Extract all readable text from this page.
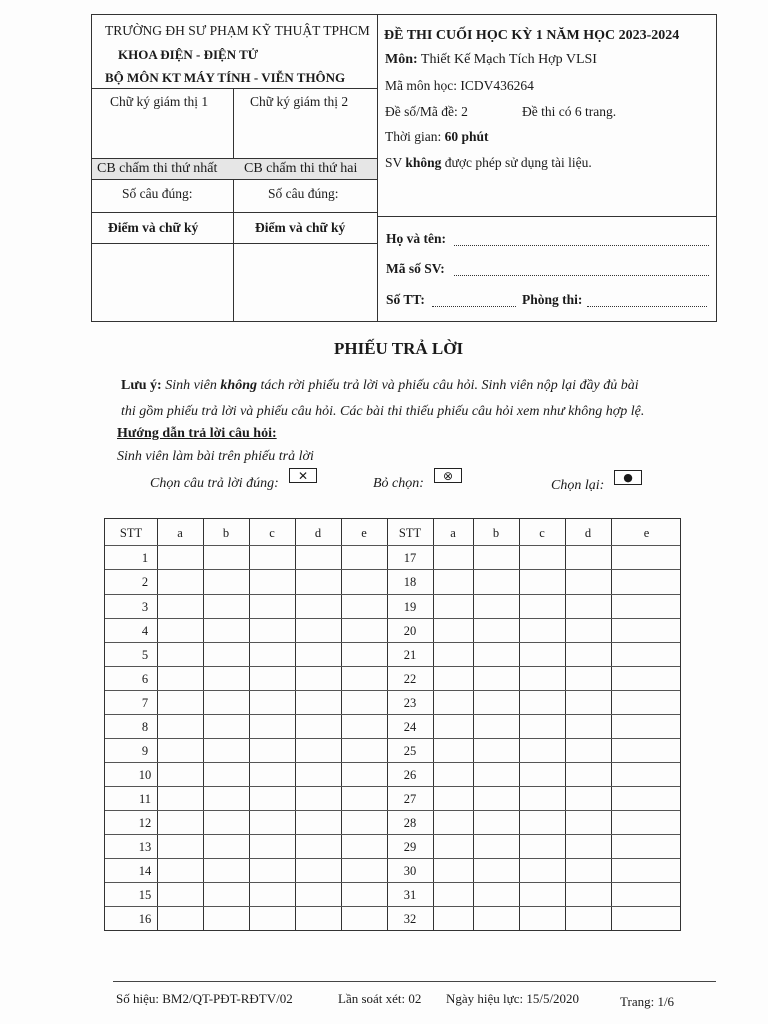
TRƯỜNG ĐH SƯ PHẠM KỸ THUẬT TPHCM
KHOA ĐIỆN - ĐIỆN TỬ
BỘ MÔN KT MÁY TÍNH - VIỄN THÔNG
Chữ ký giám thị 1	Chữ ký giám thị 2
CB chấm thi thứ nhất CB chấm thi thứ hai
Số câu đúng:	Số câu đúng:
Điểm và chữ ký	Điểm và chữ ký
ĐỀ THI CUỐI HỌC KỲ 1 NĂM HỌC 2023-2024
Môn: Thiết Kế Mạch Tích Hợp VLSI
Mã môn học: ICDV436264
Đề số/Mã đề: 2	Đề thi có 6 trang.
Thời gian: 60 phút
SV không được phép sử dụng tài liệu.
Họ và tên:
Mã số SV:
Số TT:	Phòng thi:
PHIẾU TRẢ LỜI
Lưu ý: Sinh viên không tách rời phiếu trả lời và phiếu câu hỏi. Sinh viên nộp lại đầy đủ bài
thi gồm phiếu trả lời và phiếu câu hỏi. Các bài thi thiếu phiếu câu hỏi xem như không hợp lệ.
Hướng dẫn trả lời câu hỏi:
Sinh viên làm bài trên phiếu trả lời
Chọn câu trả lời đúng:	✕	Bỏ chọn:	⊗
Chọn lại:
●
STT	a	b	c	d	e	STT	a	b	c	d	e
1	17
2	18
3	19
4	20
5	21
6	22
7	23
8	24
9	25
10	26
11	27
12	28
13	29
14	30
15	31
16	32
Số hiệu: BM2/QT-PĐT-RĐTV/02	Lần soát xét: 02 Ngày hiệu lực: 15/5/2020	Trang: 1/6
